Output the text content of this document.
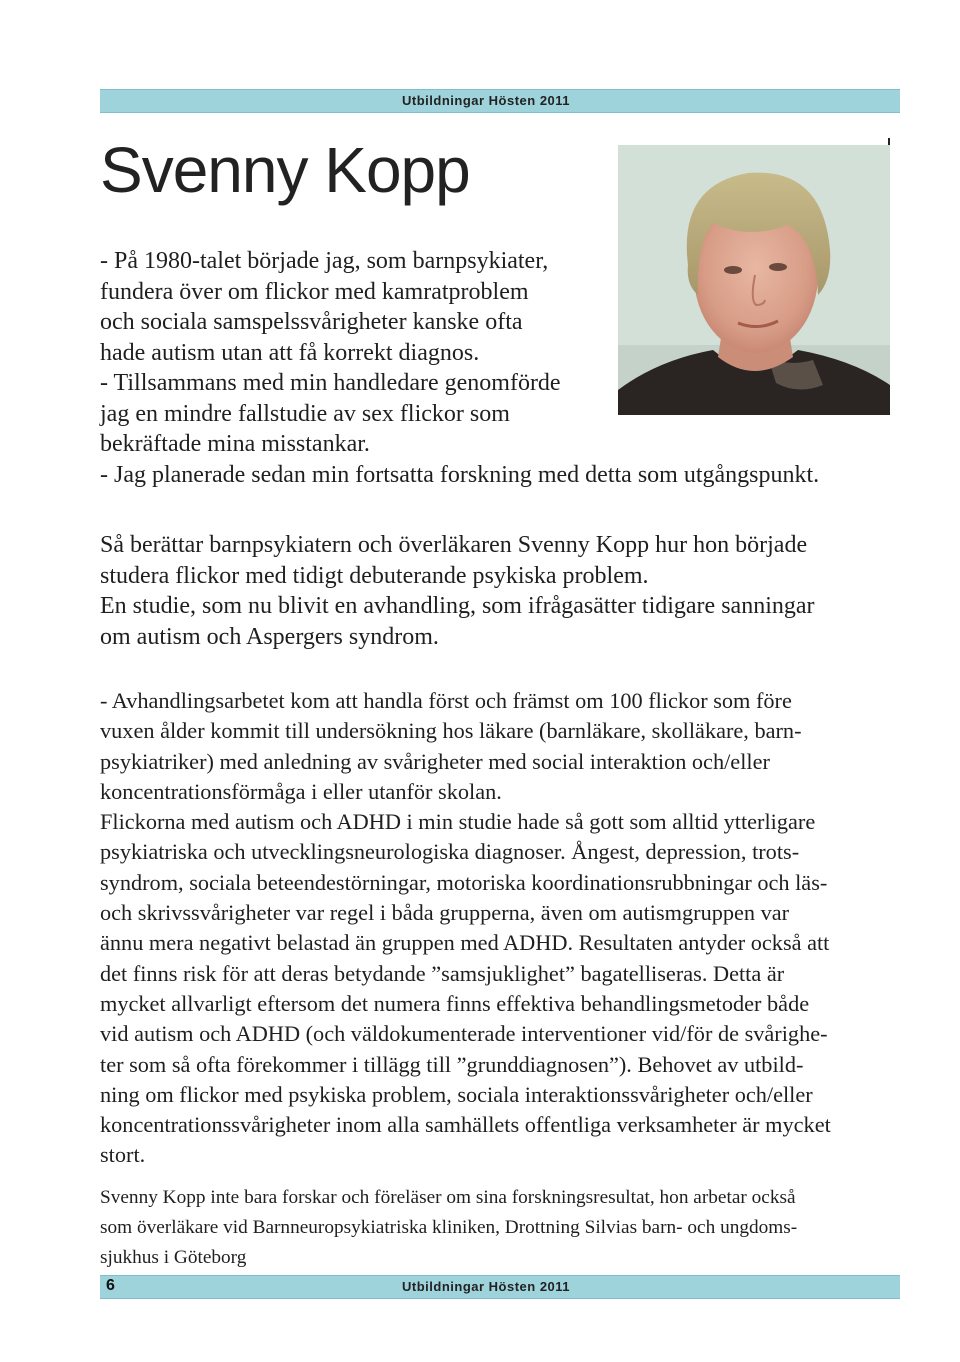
Utbildningar Hösten 2011
Svenny Kopp

- På 1980-talet började jag, som barnpsykiater,
fundera över om flickor med kamratproblem
och sociala samspelssvårigheter kanske ofta
hade autism utan att få korrekt diagnos.
- Tillsammans med min handledare genomförde
jag en mindre fallstudie av sex flickor som
bekräftade mina misstankar.
- Jag planerade sedan min fortsatta forskning med detta som utgångspunkt.

Så berättar barnpsykiatern och överläkaren Svenny Kopp hur hon började
studera flickor med tidigt debuterande psykiska problem.
En studie, som nu blivit en avhandling, som ifrågasätter tidigare sanningar
om autism och Aspergers syndrom.

- Avhandlingsarbetet kom att handla först och främst om 100 flickor som före
vuxen ålder kommit till undersökning hos läkare (barnläkare, skolläkare, barn-
psykiatriker) med anledning av svårigheter med social interaktion och/eller
koncentrationsförmåga i eller utanför skolan.
Flickorna med autism och ADHD i min studie hade så gott som alltid ytterligare
psykiatriska och utvecklingsneurologiska diagnoser. Ångest, depression, trots-
syndrom, sociala beteendestörningar, motoriska koordinationsrubbningar och läs-
och skrivssvårigheter var regel i båda grupperna, även om autismgruppen var
ännu mera negativt belastad än gruppen med ADHD. Resultaten antyder också att
det finns risk för att deras betydande ”samsjuklighet” bagatelliseras. Detta är
mycket allvarligt eftersom det numera finns effektiva behandlingsmetoder både
vid autism och ADHD (och väldokumenterade interventioner vid/för de svårighe-
ter som så ofta förekommer i tillägg till ”grunddiagnosen”). Behovet av utbild-
ning om flickor med psykiska problem, sociala interaktionssvårigheter och/eller
koncentrationssvårigheter inom alla samhällets offentliga verksamheter är mycket
stort.

Svenny Kopp inte bara forskar och föreläser om sina forskningsresultat, hon arbetar också
som överläkare vid Barnneuropsykiatriska kliniken, Drottning Silvias barn- och ungdoms-
sjukhus i Göteborg

6	Utbildningar Hösten 2011
